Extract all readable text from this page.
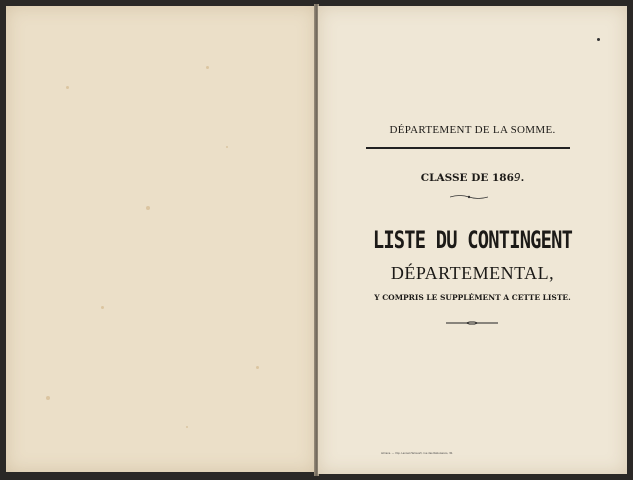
DÉPARTEMENT DE LA SOMME.
CLASSE DE 1869.
LISTE DU CONTINGENT
DÉPARTEMENTAL,
Y COMPRIS LE SUPPLÉMENT A CETTE LISTE.
Amiens. — Imp. Lenoel-Herouart, rue des Rabuissons, 30.
